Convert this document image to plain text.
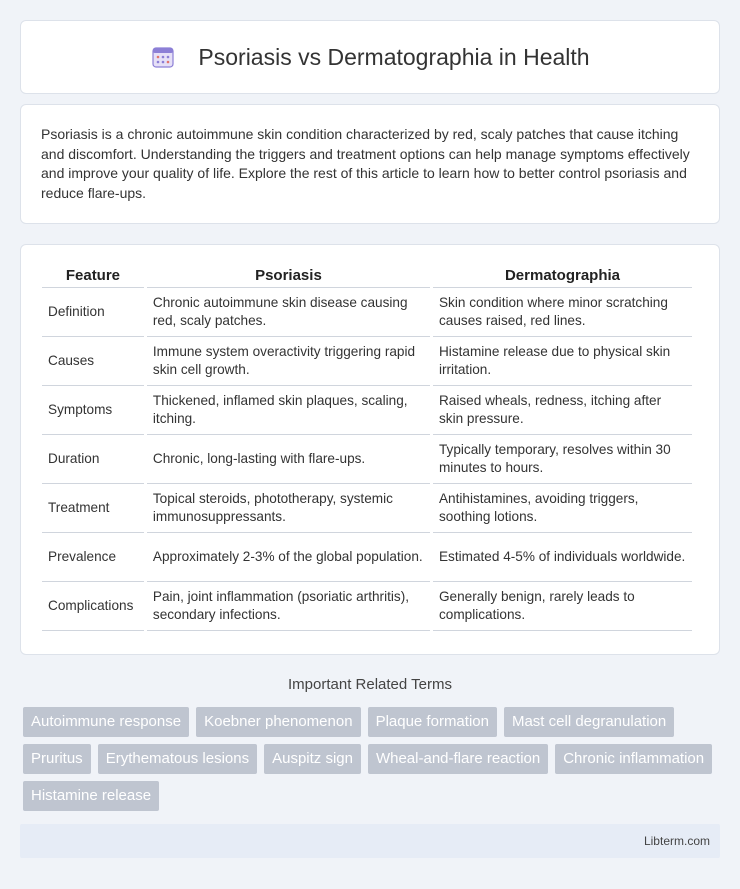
Psoriasis vs Dermatographia in Health

Psoriasis is a chronic autoimmune skin condition characterized by red, scaly patches that cause itching and discomfort. Understanding the triggers and treatment options can help manage symptoms effectively and improve your quality of life. Explore the rest of this article to learn how to better control psoriasis and reduce flare-ups.

Feature	Psoriasis	Dermatographia
Definition	Chronic autoimmune skin disease causing red, scaly patches.	Skin condition where minor scratching causes raised, red lines.
Causes	Immune system overactivity triggering rapid skin cell growth.	Histamine release due to physical skin irritation.
Symptoms	Thickened, inflamed skin plaques, scaling, itching.	Raised wheals, redness, itching after skin pressure.
Duration	Chronic, long-lasting with flare-ups.	Typically temporary, resolves within 30 minutes to hours.
Treatment	Topical steroids, phototherapy, systemic immunosuppressants.	Antihistamines, avoiding triggers, soothing lotions.
Prevalence	Approximately 2-3% of the global population.	Estimated 4-5% of individuals worldwide.
Complications	Pain, joint inflammation (psoriatic arthritis), secondary infections.	Generally benign, rarely leads to complications.
Important Related Terms
Autoimmune response	Koebner phenomenon	Plaque formation	Mast cell degranulation
Pruritus	Erythematous lesions	Auspitz sign	Wheal-and-flare reaction	Chronic inflammation
Histamine release
Libterm.com
